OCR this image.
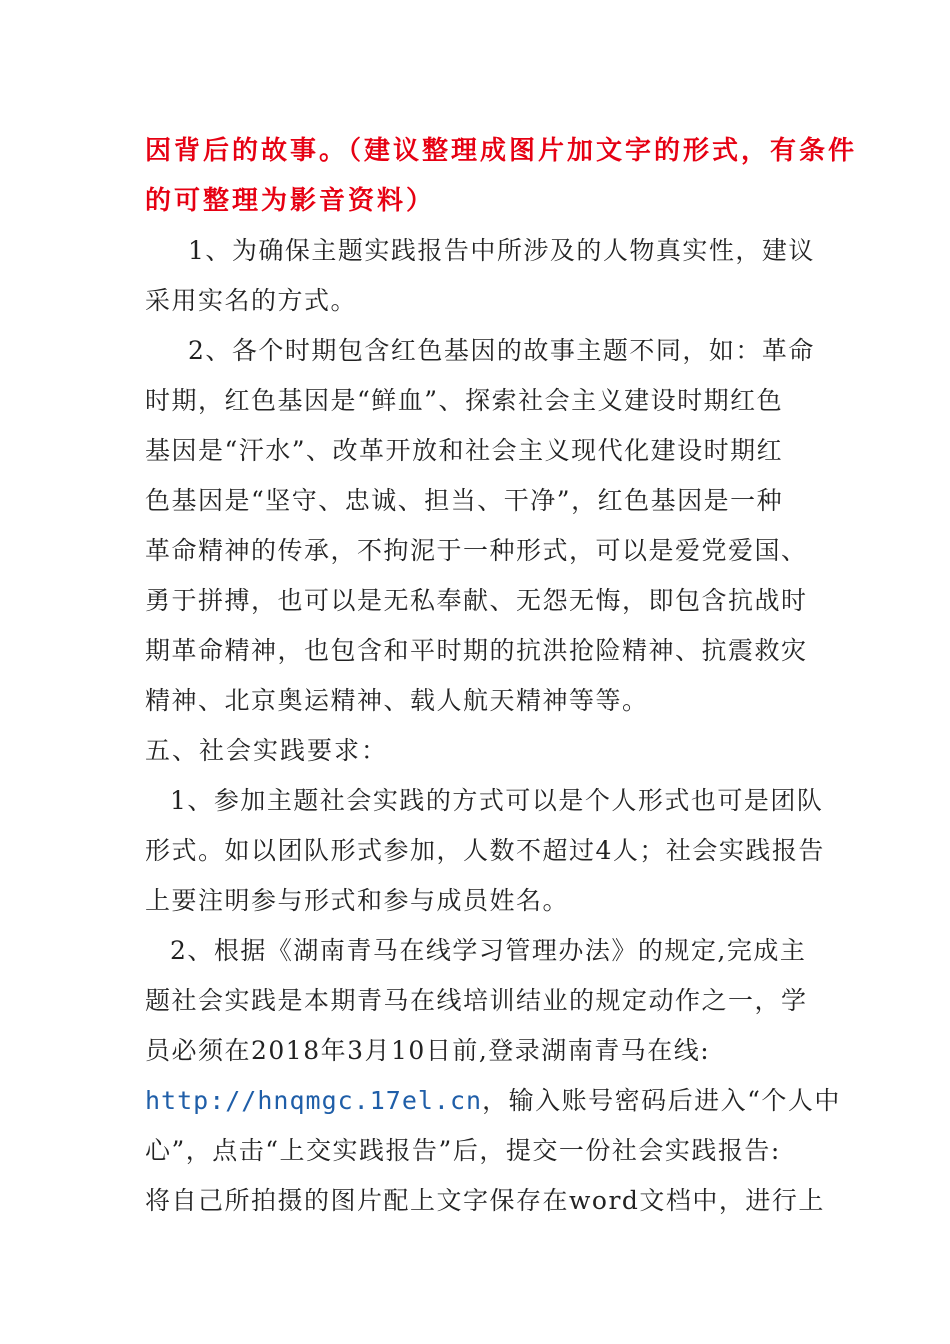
因背后的故事。（建议整理成图片加文字的形式，有条件
的可整理为影音资料）
1、为确保主题实践报告中所涉及的人物真实性，建议
采用实名的方式。
2、各个时期包含红色基因的故事主题不同，如：革命
时期，红色基因是“鲜血”、探索社会主义建设时期红色
基因是“汗水”、改革开放和社会主义现代化建设时期红
色基因是“坚守、忠诚、担当、干净”，红色基因是一种
革命精神的传承，不拘泥于一种形式，可以是爱党爱国、
勇于拼搏，也可以是无私奉献、无怨无悔，即包含抗战时
期革命精神，也包含和平时期的抗洪抢险精神、抗震救灾
精神、北京奥运精神、载人航天精神等等。
五、社会实践要求：
1、参加主题社会实践的方式可以是个人形式也可是团队
形式。如以团队形式参加，人数不超过4人；社会实践报告
上要注明参与形式和参与成员姓名。
2、根据《湖南青马在线学习管理办法》的规定,完成主
题社会实践是本期青马在线培训结业的规定动作之一，学
员必须在2018年3月10日前,登录湖南青马在线:
http://hnqmgc.17el.cn，输入账号密码后进入“个人中
心”，点击“上交实践报告”后，提交一份社会实践报告:
将自己所拍摄的图片配上文字保存在word文档中，进行上
